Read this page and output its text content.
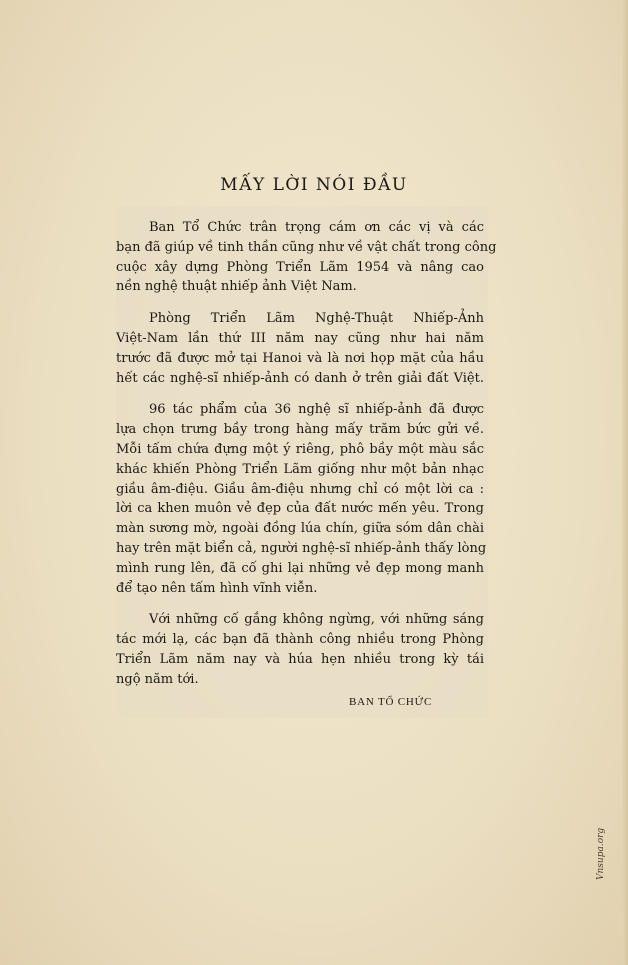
MẤY LỜI NÓI ĐẦU

Ban Tổ Chức trân trọng cám ơn các vị và các
bạn đã giúp về tinh thần cũng như về vật chất trong công
cuộc xây dựng Phòng Triển Lãm 1954 và nâng cao
nền nghệ thuật nhiếp ảnh Việt Nam.

Phòng Triển Lãm Nghệ-Thuật Nhiếp-Ảnh
Việt-Nam lần thứ III năm nay cũng như hai năm
trước đã được mở tại Hanoi và là nơi họp mặt của hầu
hết các nghệ-sĩ nhiếp-ảnh có danh ở trên giải đất Việt.

96 tác phẩm của 36 nghệ sĩ nhiếp-ảnh đã được
lựa chọn trưng bầy trong hàng mấy trăm bức gửi về.
Mỗi tấm chứa đựng một ý riêng, phô bầy một màu sắc
khác khiến Phòng Triển Lãm giống như một bản nhạc
giầu âm-điệu. Giầu âm-điệu nhưng chỉ có một lời ca :
lời ca khen muôn vẻ đẹp của đất nước mến yêu. Trong
màn sương mờ, ngoài đồng lúa chín, giữa sóm dân chài
hay trên mặt biển cả, người nghệ-sĩ nhiếp-ảnh thấy lòng
mình rung lên, đã cố ghi lại những vẻ đẹp mong manh
để tạo nên tấm hình vĩnh viễn.

Với những cố gắng không ngừng, với những sáng
tác mới lạ, các bạn đã thành công nhiều trong Phòng
Triển Lãm năm nay và húa hẹn nhiều trong kỳ tái
ngộ năm tới.

BAN TỔ CHỨC
Vnsupa.org
